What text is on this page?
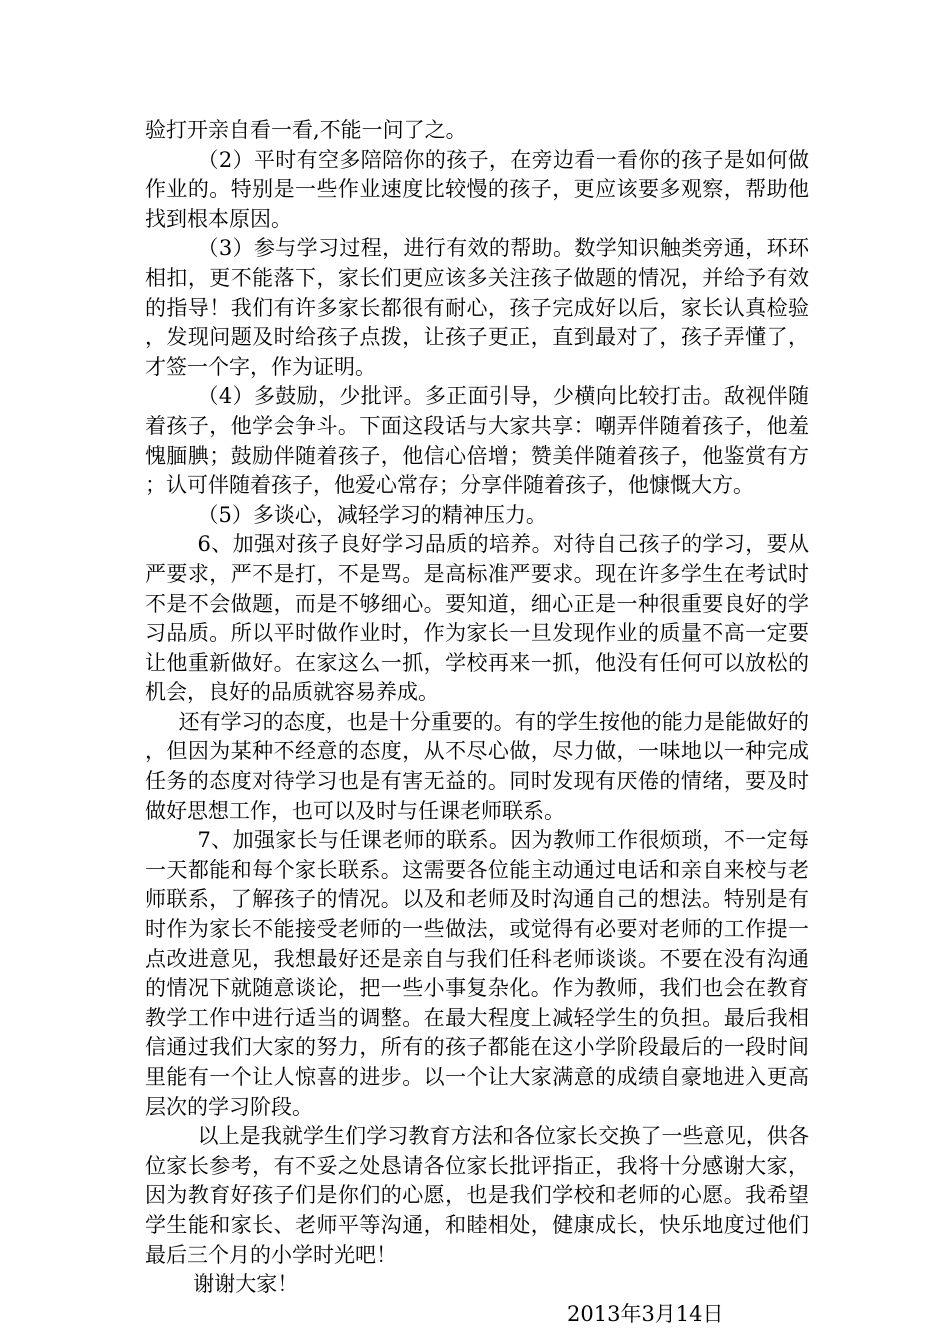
验打开亲自看一看,不能一问了之。

（2）平时有空多陪陪你的孩子，在旁边看一看你的孩子是如何做作业的。特别是一些作业速度比较慢的孩子，更应该要多观察，帮助他找到根本原因。

（3）参与学习过程，进行有效的帮助。数学知识触类旁通，环环相扣，更不能落下，家长们更应该多关注孩子做题的情况，并给予有效的指导！我们有许多家长都很有耐心，孩子完成好以后，家长认真检验，发现问题及时给孩子点拨，让孩子更正，直到最对了，孩子弄懂了，才签一个字，作为证明。

（4）多鼓励，少批评。多正面引导，少横向比较打击。敌视伴随着孩子，他学会争斗。下面这段话与大家共享：嘲弄伴随着孩子，他羞愧腼腆；鼓励伴随着孩子，他信心倍增；赞美伴随着孩子，他鉴赏有方；认可伴随着孩子，他爱心常存；分享伴随着孩子，他慷慨大方。

（5）多谈心，减轻学习的精神压力。

6、加强对孩子良好学习品质的培养。对待自己孩子的学习，要从严要求，严不是打，不是骂。是高标准严要求。现在许多学生在考试时不是不会做题，而是不够细心。要知道，细心正是一种很重要良好的学习品质。所以平时做作业时，作为家长一旦发现作业的质量不高一定要让他重新做好。在家这么一抓，学校再来一抓，他没有任何可以放松的机会，良好的品质就容易养成。

还有学习的态度，也是十分重要的。有的学生按他的能力是能做好的，但因为某种不经意的态度，从不尽心做，尽力做，一味地以一种完成任务的态度对待学习也是有害无益的。同时发现有厌倦的情绪，要及时做好思想工作，也可以及时与任课老师联系。

7、加强家长与任课老师的联系。因为教师工作很烦琐，不一定每一天都能和每个家长联系。这需要各位能主动通过电话和亲自来校与老师联系，了解孩子的情况。以及和老师及时沟通自己的想法。特别是有时作为家长不能接受老师的一些做法，或觉得有必要对老师的工作提一点改进意见，我想最好还是亲自与我们任科老师谈谈。不要在没有沟通的情况下就随意谈论，把一些小事复杂化。作为教师，我们也会在教育教学工作中进行适当的调整。在最大程度上减轻学生的负担。最后我相信通过我们大家的努力，所有的孩子都能在这小学阶段最后的一段时间里能有一个让人惊喜的进步。以一个让大家满意的成绩自豪地进入更高层次的学习阶段。

以上是我就学生们学习教育方法和各位家长交换了一些意见，供各位家长参考，有不妥之处恳请各位家长批评指正，我将十分感谢大家，因为教育好孩子们是你们的心愿，也是我们学校和老师的心愿。我希望学生能和家长、老师平等沟通，和睦相处，健康成长，快乐地度过他们最后三个月的小学时光吧！

谢谢大家！

2013年3月14日
